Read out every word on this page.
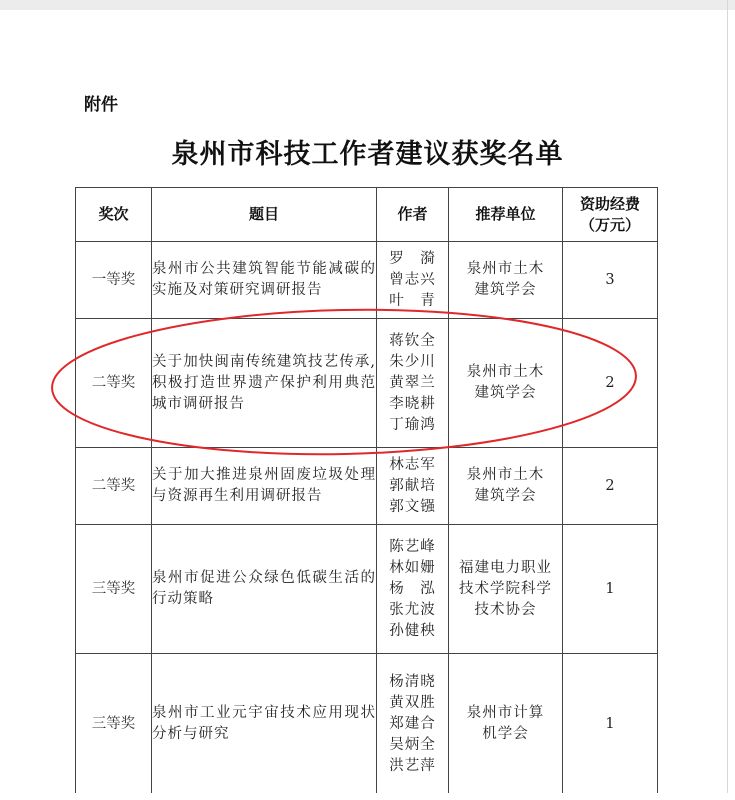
附件
泉州市科技工作者建议获奖名单
奖次	题目	作者	推荐单位	资助经费
（万元）

一等奖	泉州市公共建筑智能节能减碳的实施及对策研究调研报告	罗　漪
曾志兴
叶　青	泉州市土木
建筑学会	3
二等奖	关于加快闽南传统建筑技艺传承,积极打造世界遗产保护利用典范城市调研报告	蒋钦全
朱少川
黄翠兰
李晓耕
丁瑜鸿	泉州市土木
建筑学会	2
二等奖	关于加大推进泉州固废垃圾处理与资源再生利用调研报告	林志军
郭献培
郭文镪	泉州市土木
建筑学会	2
三等奖	泉州市促进公众绿色低碳生活的行动策略	陈艺峰
林如姗
杨　泓
张尤波
孙健秧	福建电力职业
技术学院科学
技术协会	1
三等奖	泉州市工业元宇宙技术应用现状分析与研究	杨清晓
黄双胜
郑建合
吴炳全
洪艺萍	泉州市计算
机学会	1
